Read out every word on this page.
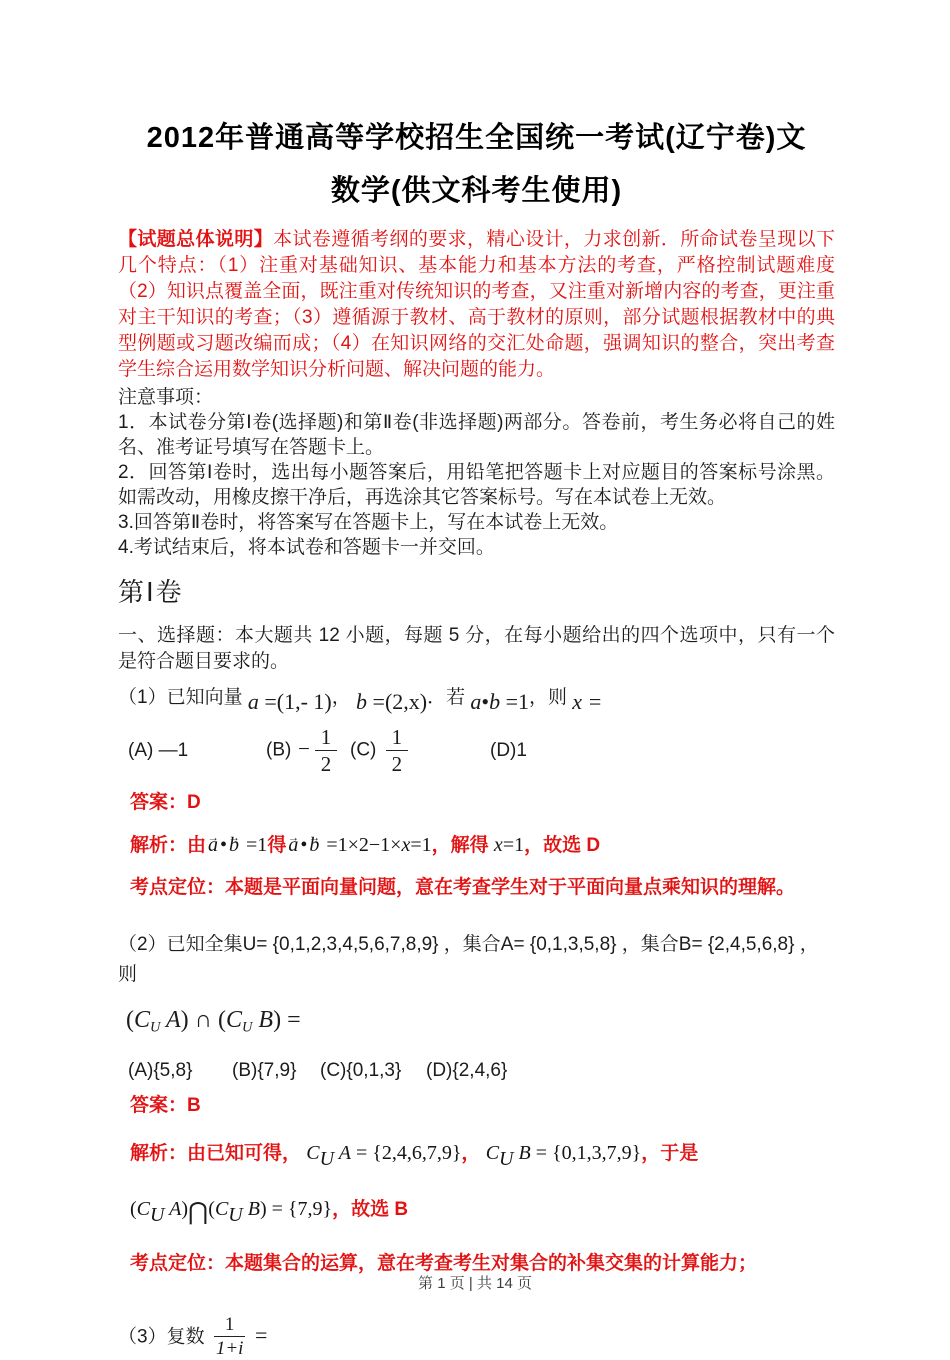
2012年普通高等学校招生全国统一考试(辽宁卷)文
数学(供文科考生使用)

【试题总体说明】本试卷遵循考纲的要求，精心设计，力求创新．所命试卷呈现以下几个特点：（1）注重对基础知识、基本能力和基本方法的考查，严格控制试题难度（2）知识点覆盖全面，既注重对传统知识的考查，又注重对新增内容的考查，更注重对主干知识的考查；（3）遵循源于教材、高于教材的原则，部分试题根据教材中的典型例题或习题改编而成；（4）在知识网络的交汇处命题，强调知识的整合，突出考查学生综合运用数学知识分析问题、解决问题的能力。

注意事项：

1．本试卷分第Ⅰ卷(选择题)和第Ⅱ卷(非选择题)两部分。答卷前，考生务必将自己的姓名、准考证号填写在答题卡上。

2．回答第Ⅰ卷时，选出每小题答案后，用铅笔把答题卡上对应题目的答案标号涂黑。如需改动，用橡皮擦干净后，再选涂其它答案标号。写在本试卷上无效。

3.回答第Ⅱ卷时，将答案写在答题卡上，写在本试卷上无效。

4.考试结束后，将本试卷和答题卡一并交回。

第Ⅰ卷

一、选择题：本大题共 12 小题，每题 5 分，在每小题给出的四个选项中，只有一个是符合题目要求的。

（1）已知向量 a =(1,- 1)， b =(2,x)．若 a•b =1，则 x =

(A) —1	$(B) - \frac{1}{2} (C) \frac{1}{2}$	(D)1

答案：D

解析：由 a → • b → =1得 a → • b → =1×2−1×x=1，解得 x=1，故选 D

考点定位：本题是平面向量问题，意在考查学生对于平面向量点乘知识的理解。

（2）已知全集U= {0,1,2,3,4,5,6,7,8,9} ，集合A= {0,1,3,5,8} ，集合B= {2,4,5,6,8} ，则

(CU A) ∩ (CU B) =

(A){5,8}	(B){7,9}	(C){0,1,3}	(D){2,4,6}

答案：B

解析：由已知可得， CU A = {2,4,6,7,9}， CU B = {0,1,3,7,9}，于是

(CU A)⋂(CU B) = {7,9}，故选 B

考点定位：本题集合的运算，意在考查考生对集合的补集交集的计算能力；

（3）复数 $\frac{1}{1+i}$ =

第 1 页 | 共 14 页
